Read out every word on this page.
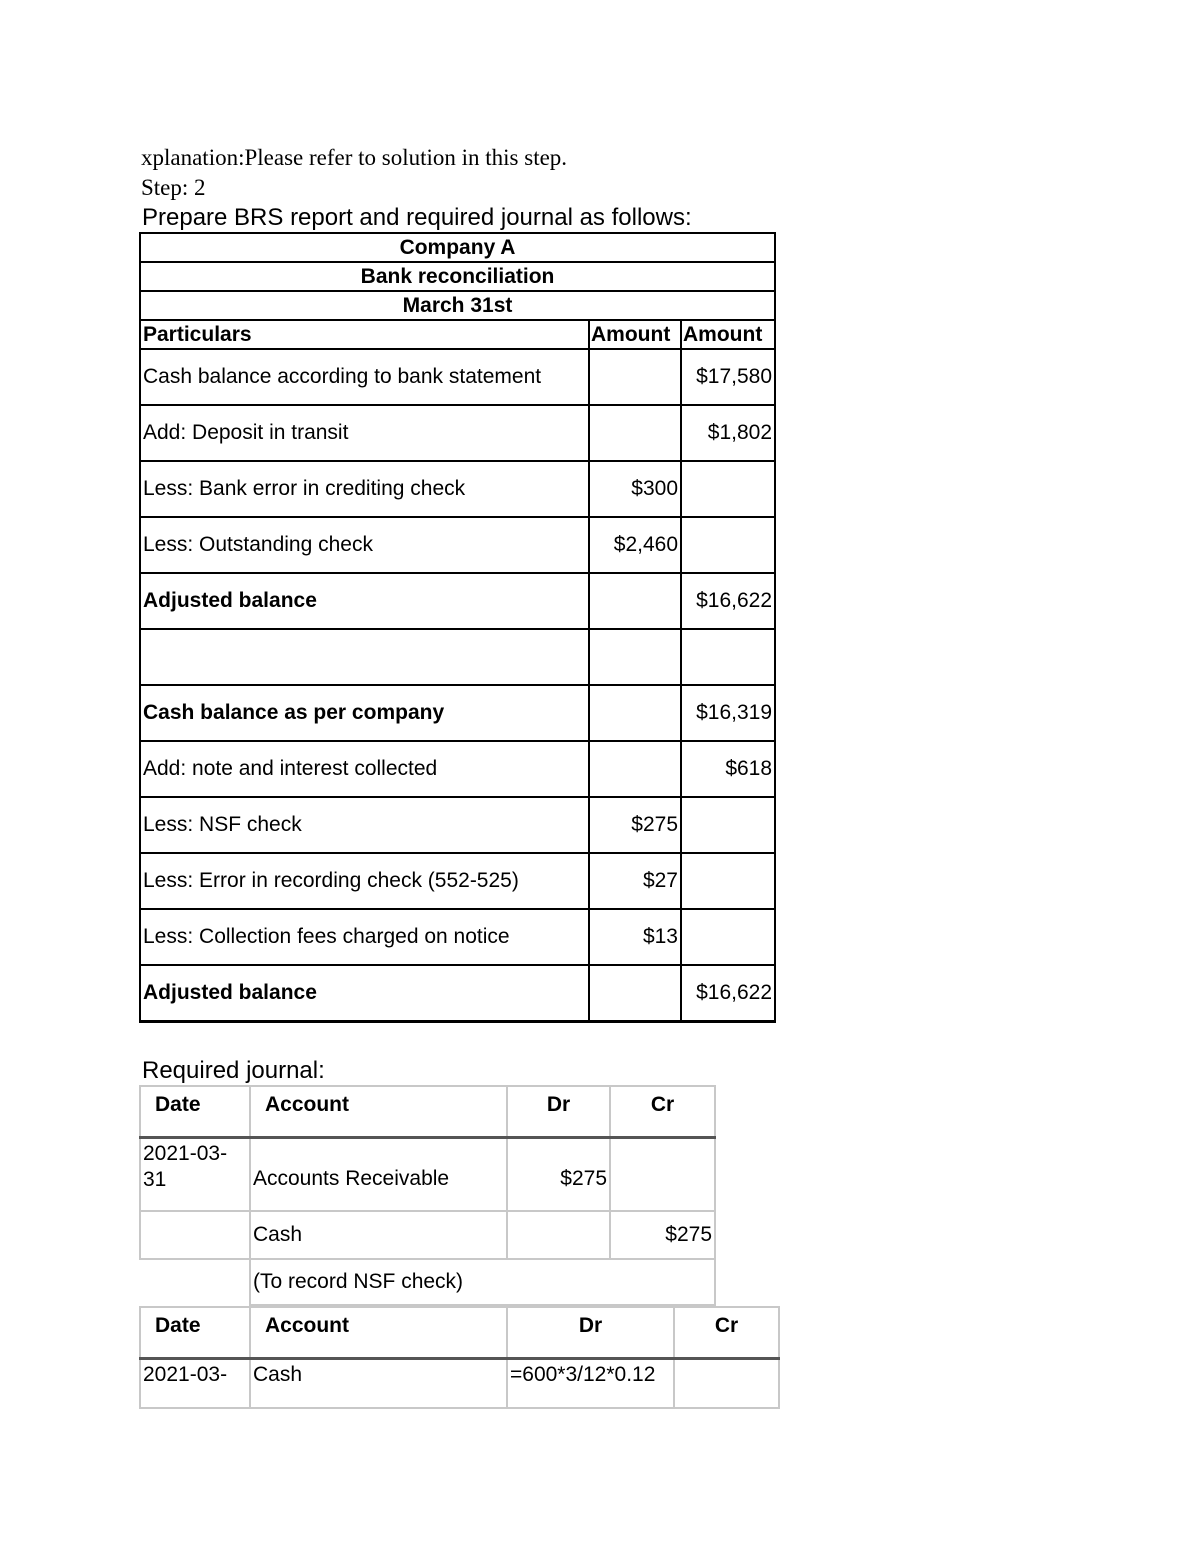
xplanation:Please refer to solution in this step.
Step: 2
Prepare BRS report and required journal as follows:
Company A		
Bank reconciliation		
March 31st		
Particulars	Amount	Amount
Cash balance according to bank statement		$17,580
Add: Deposit in transit		$1,802
Less: Bank error in crediting check	$300	
Less: Outstanding check	$2,460	
Adjusted balance		$16,622

Cash balance as per company		$16,319
Add: note and interest collected		$618
Less: NSF check	$275	
Less: Error in recording check (552-525)	$27	
Less: Collection fees charged on notice	$13	
Adjusted balance		$16,622
Required journal:
Date	Account	Dr	Cr
2021-03-31	Accounts Receivable	$275	
	Cash		$275
	(To record NSF check)		
Date	Account	Dr	Cr
2021-03-	Cash	=600*3/12*0.12	
